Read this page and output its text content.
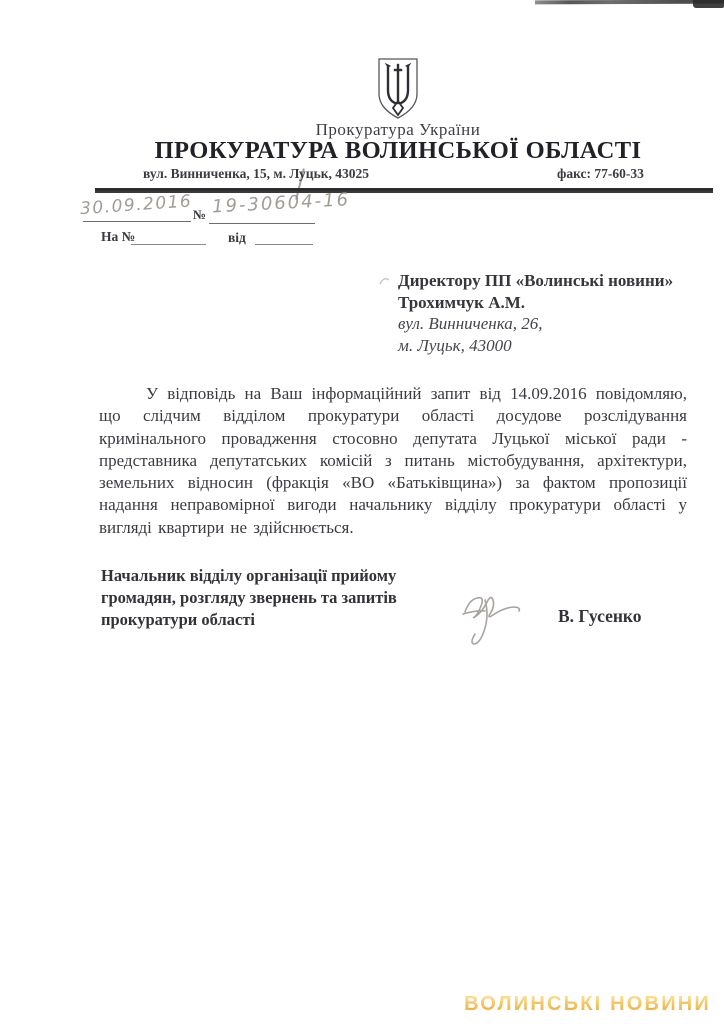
Прокуратура України
ПРОКУРАТУРА ВОЛИНСЬКОЇ ОБЛАСТІ
вул. Винниченка, 15, м. Луцьк, 43025	факс: 77-60-33
30.09.2016 № 19-30604-16
На №	від
Директору ПП «Волинські новини»
Трохимчук А.М.
вул. Винниченка, 26,
м. Луцьк, 43000
У відповідь на Ваш інформаційний запит від 14.09.2016 повідомляю, що слідчим відділом прокуратури області досудове розслідування кримінального провадження стосовно депутата Луцької міської ради - представника депутатських комісій з питань містобудування, архітектури, земельних відносин (фракція «ВО «Батьківщина») за фактом пропозиції надання неправомірної вигоди начальнику відділу прокуратури області у вигляді квартири не здійснюється.
Начальник відділу організації прийому
громадян, розгляду звернень та запитів
прокуратури області	В. Гусенко
ВОЛИНСЬКІ НОВИНИ
